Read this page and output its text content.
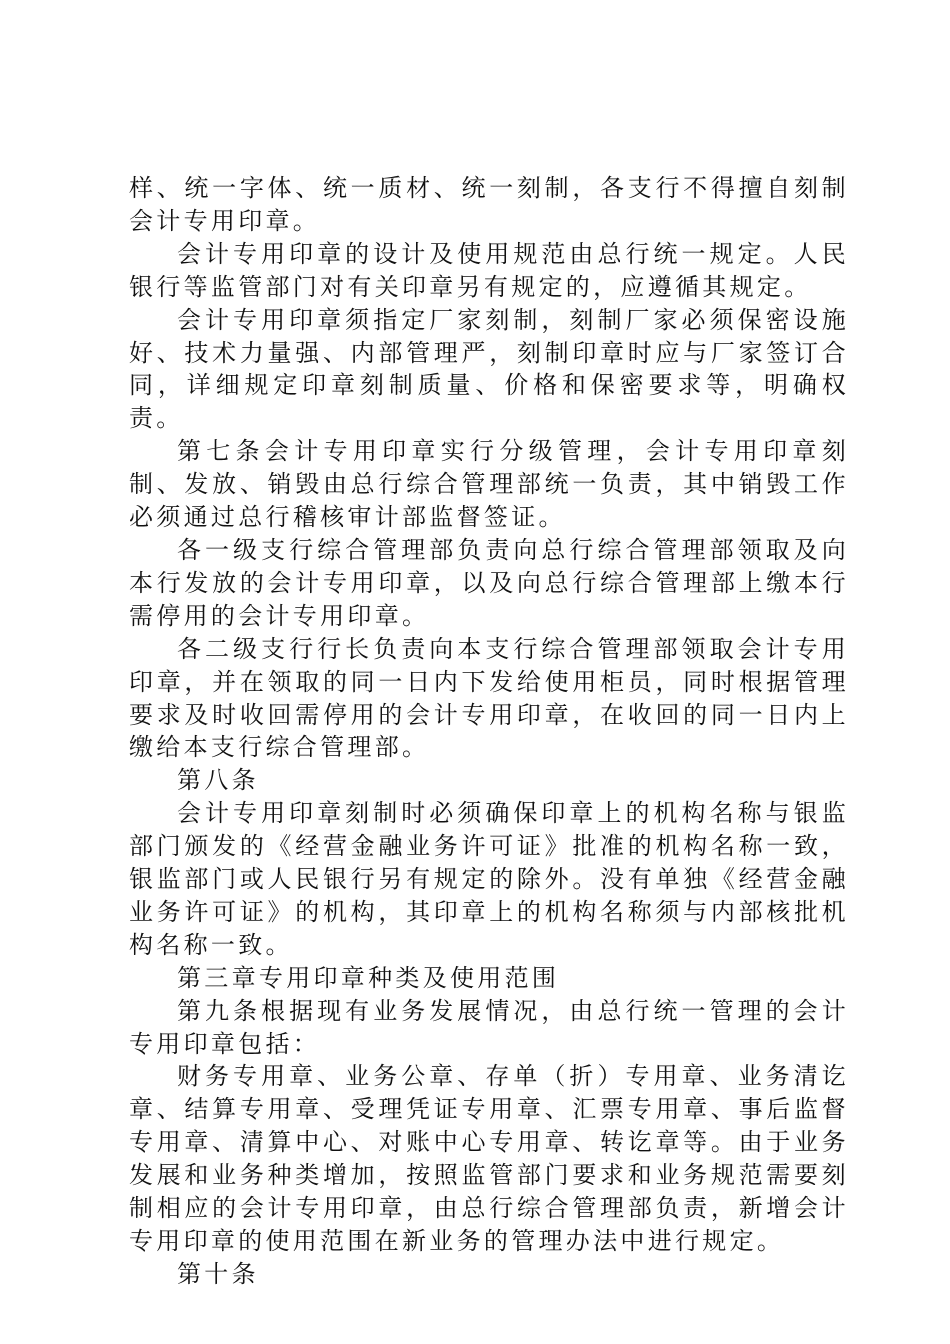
样、统一字体、统一质材、统一刻制，各支行不得擅自刻制会计专用印章。

会计专用印章的设计及使用规范由总行统一规定。人民银行等监管部门对有关印章另有规定的，应遵循其规定。

会计专用印章须指定厂家刻制，刻制厂家必须保密设施好、技术力量强、内部管理严，刻制印章时应与厂家签订合同，详细规定印章刻制质量、价格和保密要求等，明确权责。

第七条会计专用印章实行分级管理，会计专用印章刻制、发放、销毁由总行综合管理部统一负责，其中销毁工作必须通过总行稽核审计部监督签证。

各一级支行综合管理部负责向总行综合管理部领取及向本行发放的会计专用印章，以及向总行综合管理部上缴本行需停用的会计专用印章。

各二级支行行长负责向本支行综合管理部领取会计专用印章，并在领取的同一日内下发给使用柜员，同时根据管理要求及时收回需停用的会计专用印章，在收回的同一日内上缴给本支行综合管理部。

第八条

会计专用印章刻制时必须确保印章上的机构名称与银监部门颁发的《经营金融业务许可证》批准的机构名称一致，银监部门或人民银行另有规定的除外。没有单独《经营金融业务许可证》的机构，其印章上的机构名称须与内部核批机构名称一致。

第三章专用印章种类及使用范围

第九条根据现有业务发展情况，由总行统一管理的会计专用印章包括：

财务专用章、业务公章、存单（折）专用章、业务清讫章、结算专用章、受理凭证专用章、汇票专用章、事后监督专用章、清算中心、对账中心专用章、转讫章等。由于业务发展和业务种类增加，按照监管部门要求和业务规范需要刻制相应的会计专用印章，由总行综合管理部负责，新增会计专用印章的使用范围在新业务的管理办法中进行规定。

第十条
